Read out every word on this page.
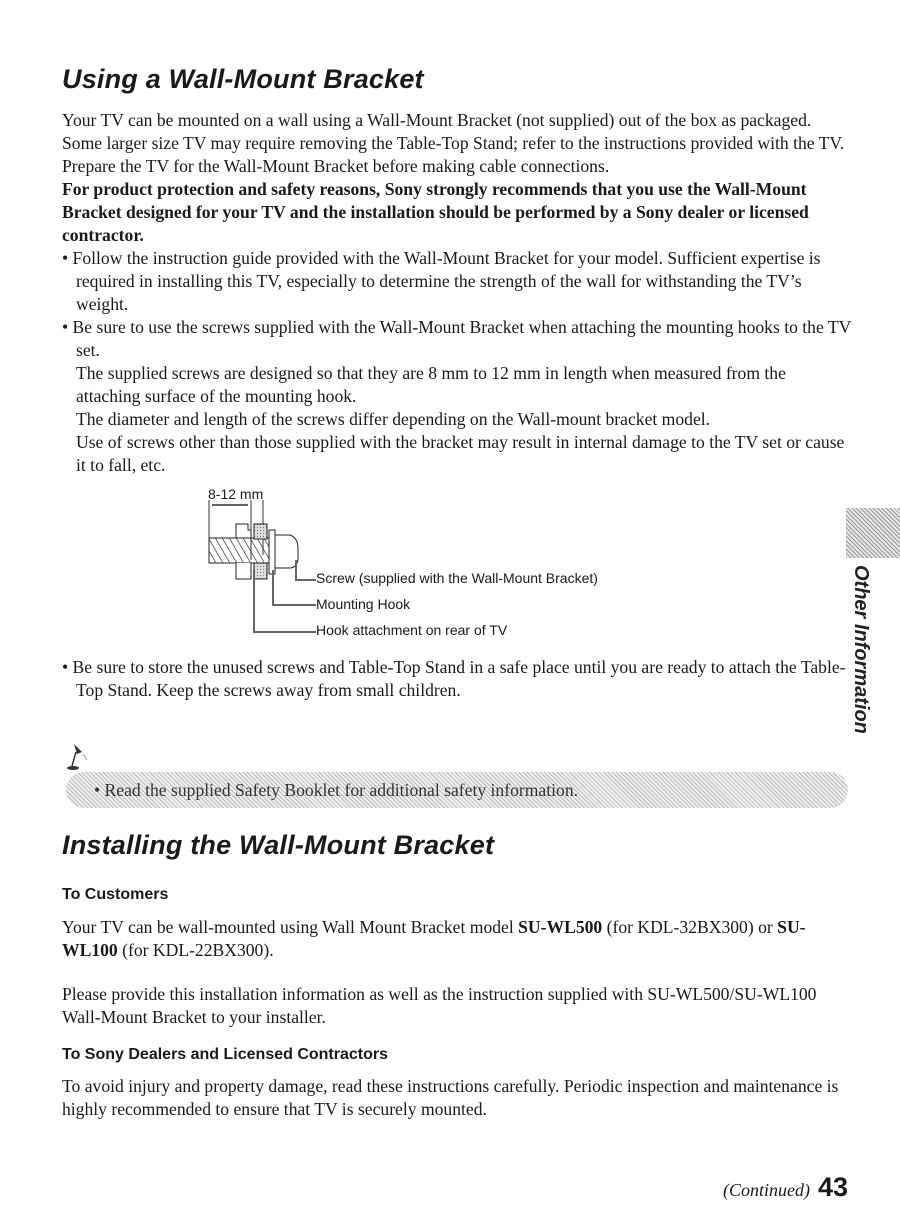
Using a Wall-Mount Bracket

Your TV can be mounted on a wall using a Wall-Mount Bracket (not supplied) out of the box as packaged. Some larger size TV may require removing the Table-Top Stand; refer to the instructions provided with the TV.

Prepare the TV for the Wall-Mount Bracket before making cable connections.

For product protection and safety reasons, Sony strongly recommends that you use the Wall-Mount Bracket designed for your TV and the installation should be performed by a Sony dealer or licensed contractor.

• Follow the instruction guide provided with the Wall-Mount Bracket for your model. Sufficient expertise is required in installing this TV, especially to determine the strength of the wall for withstanding the TV’s weight.

• Be sure to use the screws supplied with the Wall-Mount Bracket when attaching the mounting hooks to the TV set.

The supplied screws are designed so that they are 8 mm to 12 mm in length when measured from the attaching surface of the mounting hook.

The diameter and length of the screws differ depending on the Wall-mount bracket model.

Use of screws other than those supplied with the bracket may result in internal damage to the TV set or cause it to fall, etc.

8-12 mm
Screw (supplied with the Wall-Mount Bracket)
Mounting Hook
Hook attachment on rear of TV

• Be sure to store the unused screws and Table-Top Stand in a safe place until you are ready to attach the Table-Top Stand. Keep the screws away from small children.

• Read the supplied Safety Booklet for additional safety information.
Installing the Wall-Mount Bracket
To Customers

Your TV can be wall-mounted using Wall Mount Bracket model SU-WL500 (for KDL-32BX300) or SU-WL100 (for KDL-22BX300).

Please provide this installation information as well as the instruction supplied with SU-WL500/SU-WL100 Wall-Mount Bracket to your installer.

To Sony Dealers and Licensed Contractors

To avoid injury and property damage, read these instructions carefully. Periodic inspection and maintenance is highly recommended to ensure that TV is securely mounted.

Other Information
(Continued) 43
